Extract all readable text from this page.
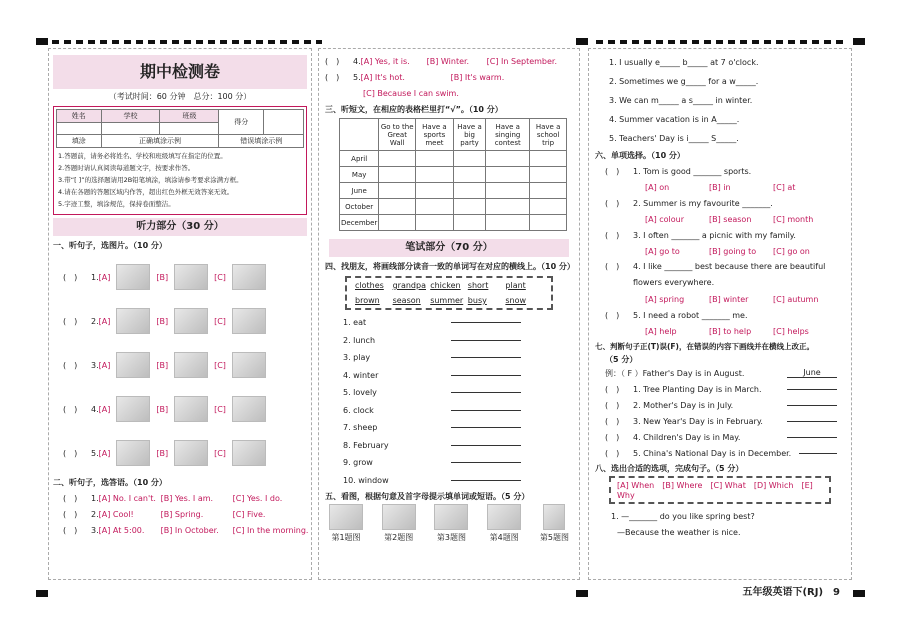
期中检测卷
（考试时间：60 分钟　总分：100 分）
姓名	学校	班级	得分	

填涂	正确填涂示例		错误填涂示例	
1.答题前，请务必将姓名、学校和班级填写在指定的位置。
2.答题时请认真阅读每道题文字，按要求作答。
3.带“[ ]”的选择题请用2B铅笔填涂，填涂请参考要求涂满方框。
4.请在各题的答题区域内作答，超出红色外框无效答案无效。
5.字迹工整，填涂规范，保持卷面整洁。
听力部分（30 分）
一、听句子，选图片。（10 分）
(　)	1. [A]	[B]	[C]
(　)	2. [A]	[B]	[C]
(　)	3. [A]	[B]	[C]
(　)	4. [A]	[B]	[C]
(　)	5. [A]	[B]	[C]
二、听句子，选答语。（10 分）
(　)	1. [A] No. I can't. [B] Yes. I am.	[C] Yes. I do.
(　)	2. [A] Cool!	[B] Spring.	[C] Five.
(　)	3. [A] At 5:00.	[B] In October.	[C] In the morning.
(　)	4. [A] Yes, it is.	[B] Winter.	[C] In September.
(　)	5. [A] It's hot.	[B] It's warm.
[C] Because I can swim.
三、听短文，在相应的表格栏里打“√”。（10 分）
	Go to the Great Wall	Have a sports meet	Have a big party	Have a singing contest	Have a school trip
April					
May					
June					
October					
December					
笔试部分（70 分）
四、找朋友，将画线部分读音一致的单词写在对应的横线上。（10 分）
clothes	grandpa chicken short	plant
brown	season	summer busy	snow
1. eat
2. lunch
3. play
4. winter
5. lovely
6. clock
7. sheep
8. February
9. grow
10. window
五、看图，根据句意及首字母提示填单词或短语。（5 分）
第1题图	第2题图	第3题图	第4题图	第5题图
1. I usually e_____ b_____ at 7 o'clock.
2. Sometimes we g_____ for a w_____.
3. We can m_____ a s_____ in winter.
4. Summer vacation is in A_____.
5. Teachers' Day is i_____ S_____.
六、单项选择。（10 分）
(　)	1. Tom is good _______ sports.
[A] on	[B] in	[C] at
(　)	2. Summer is my favourite _______.
[A] colour	[B] season	[C] month
(　)	3. I often _______ a picnic with my family.
[A] go to	[B] going to	[C] go on
(　)	4. I like _______ best because there are beautiful flowers everywhere.
[A] spring	[B] winter	[C] autumn
(　)	5. I need a robot _______ me.
[A] help	[B] to help	[C] helps
七、判断句子正(T)误(F)，在错误的内容下画线并在横线上改正。
（5 分）
例：（ F ）Father's Day is in August.	June
(　) 1. Tree Planting Day is in March.
(　) 2. Mother's Day is in July.
(　) 3. New Year's Day is in February.
(　) 4. Children's Day is in May.
(　) 5. China's National Day is in December.
八、选出合适的选项，完成句子。（5 分）
[A] When　[B] Where　[C] What　[D] Which　[E] Why
1. —_______ do you like spring best?
—Because the weather is nice.
五年级英语下(RJ)　 9
